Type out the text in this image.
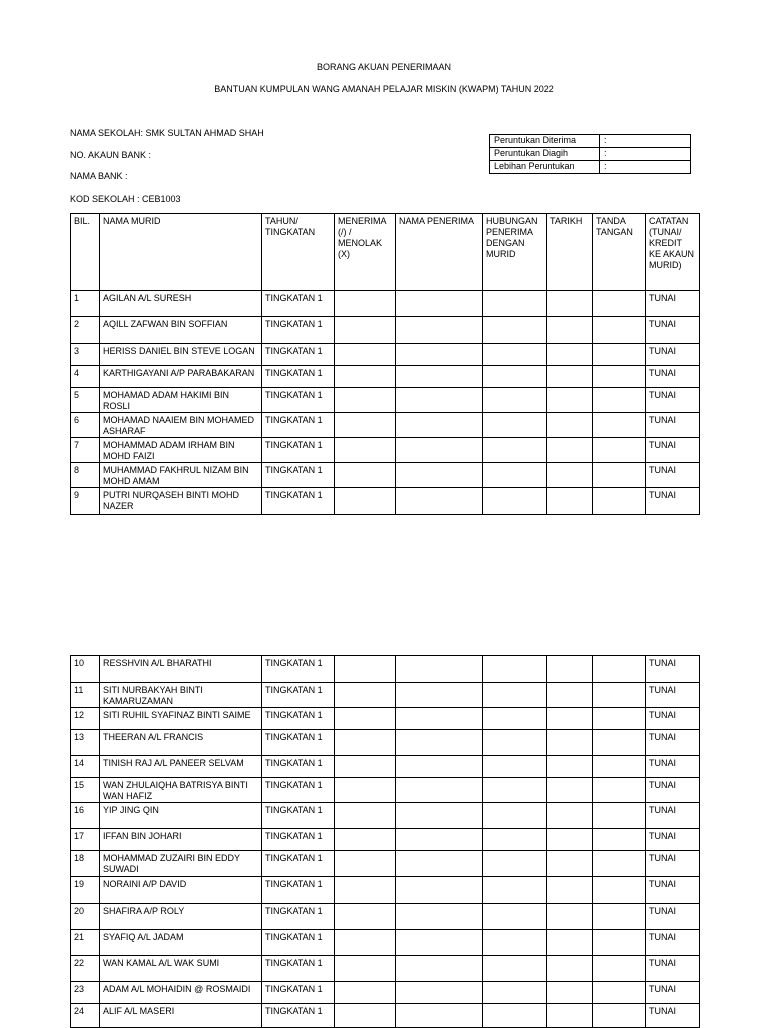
BORANG AKUAN PENERIMAAN
BANTUAN KUMPULAN WANG AMANAH PELAJAR MISKIN (KWAPM) TAHUN 2022
NAMA SEKOLAH: SMK SULTAN AHMAD SHAH
NO. AKAUN BANK :
NAMA BANK :
KOD SEKOLAH : CEB1003
Peruntukan Diterima	:
Peruntukan Diagih	:
Lebihan Peruntukan	:
BIL.	NAMA MURID	TAHUN/ TINGKATAN	MENERIMA (/) / MENOLAK (X)	NAMA PENERIMA	HUBUNGAN PENERIMA DENGAN MURID	TARIKH	TANDA TANGAN	CATATAN (TUNAI/ KREDIT KE AKAUN MURID)
1	AGILAN A/L SURESH	TINGKATAN 1						TUNAI
2	AQILL ZAFWAN BIN SOFFIAN	TINGKATAN 1						TUNAI
3	HERISS DANIEL BIN STEVE LOGAN	TINGKATAN 1						TUNAI
4	KARTHIGAYANI A/P PARABAKARAN	TINGKATAN 1						TUNAI
5	MOHAMAD ADAM HAKIMI BIN ROSLI	TINGKATAN 1						TUNAI
6	MOHAMAD NAAIEM BIN MOHAMED ASHARAF	TINGKATAN 1						TUNAI
7	MOHAMMAD ADAM IRHAM BIN MOHD FAIZI	TINGKATAN 1						TUNAI
8	MUHAMMAD FAKHRUL NIZAM BIN MOHD AMAM	TINGKATAN 1						TUNAI
9	PUTRI NURQASEH BINTI MOHD NAZER	TINGKATAN 1						TUNAI
10	RESSHVIN A/L BHARATHI	TINGKATAN 1						TUNAI
11	SITI NURBAKYAH BINTI KAMARUZAMAN	TINGKATAN 1						TUNAI
12	SITI RUHIL SYAFINAZ BINTI SAIME	TINGKATAN 1						TUNAI
13	THEERAN A/L FRANCIS	TINGKATAN 1						TUNAI
14	TINISH RAJ A/L PANEER SELVAM	TINGKATAN 1						TUNAI
15	WAN ZHULAIQHA BATRISYA BINTI WAN HAFIZ	TINGKATAN 1						TUNAI
16	YIP JING QIN	TINGKATAN 1						TUNAI
17	IFFAN BIN JOHARI	TINGKATAN 1						TUNAI
18	MOHAMMAD ZUZAIRI BIN EDDY SUWADI	TINGKATAN 1						TUNAI
19	NORAINI A/P DAVID	TINGKATAN 1						TUNAI
20	SHAFIRA A/P ROLY	TINGKATAN 1						TUNAI
21	SYAFIQ A/L JADAM	TINGKATAN 1						TUNAI
22	WAN KAMAL A/L WAK SUMI	TINGKATAN 1						TUNAI
23	ADAM A/L MOHAIDIN @ ROSMAIDI	TINGKATAN 1						TUNAI
24	ALIF A/L MASERI	TINGKATAN 1						TUNAI
